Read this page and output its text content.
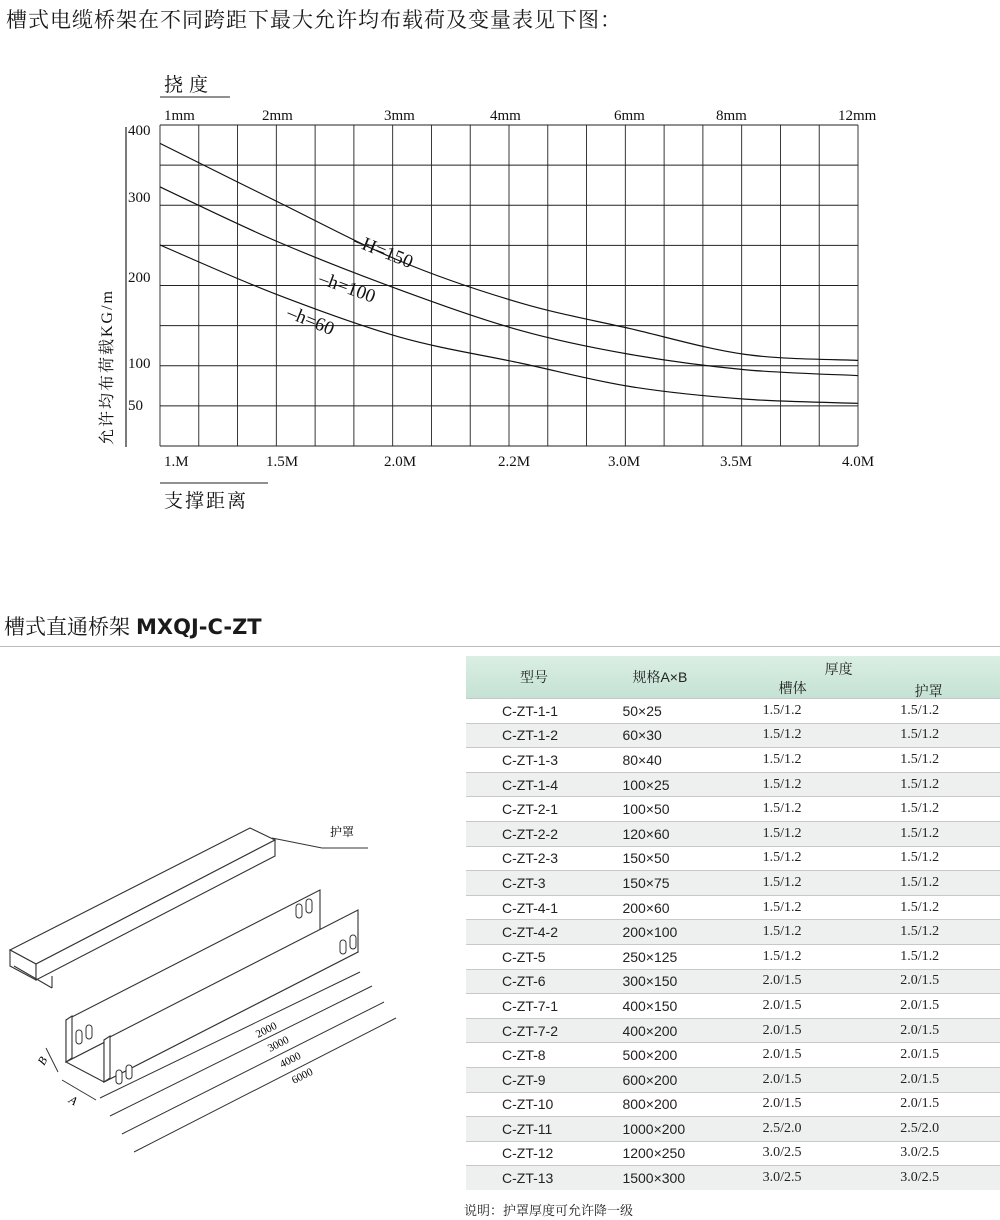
槽式电缆桥架在不同跨距下最大允许均布载荷及变量表见下图：
–H=150
–h=100
–h=60
400
300
200
100
50
1.M	1.5M	2.0M	2.2M	3.0M	3.5M	4.0M
1mm	2mm	3mm	4mm	6mm	8mm	12mm
挠度
支撑距离
允许均布荷载KG/m
槽式直通桥架 MXQJ-C-ZT
护罩
B
A
2000
3000
4000
6000
型号	规格A×B	厚度
槽体 护罩	

C-ZT-1-1	50×25	1.5/1.2	1.5/1.2
C-ZT-1-2	60×30	1.5/1.2	1.5/1.2
C-ZT-1-3	80×40	1.5/1.2	1.5/1.2
C-ZT-1-4	100×25	1.5/1.2	1.5/1.2
C-ZT-2-1	100×50	1.5/1.2	1.5/1.2
C-ZT-2-2	120×60	1.5/1.2	1.5/1.2
C-ZT-2-3	150×50	1.5/1.2	1.5/1.2
C-ZT-3	150×75	1.5/1.2	1.5/1.2
C-ZT-4-1	200×60	1.5/1.2	1.5/1.2
C-ZT-4-2	200×100	1.5/1.2	1.5/1.2
C-ZT-5	250×125	1.5/1.2	1.5/1.2
C-ZT-6	300×150	2.0/1.5	2.0/1.5
C-ZT-7-1	400×150	2.0/1.5	2.0/1.5
C-ZT-7-2	400×200	2.0/1.5	2.0/1.5
C-ZT-8	500×200	2.0/1.5	2.0/1.5
C-ZT-9	600×200	2.0/1.5	2.0/1.5
C-ZT-10	800×200	2.0/1.5	2.0/1.5
C-ZT-11	1000×200	2.5/2.0	2.5/2.0
C-ZT-12	1200×250	3.0/2.5	3.0/2.5
C-ZT-13	1500×300	3.0/2.5	3.0/2.5
说明：护罩厚度可允许降一级
